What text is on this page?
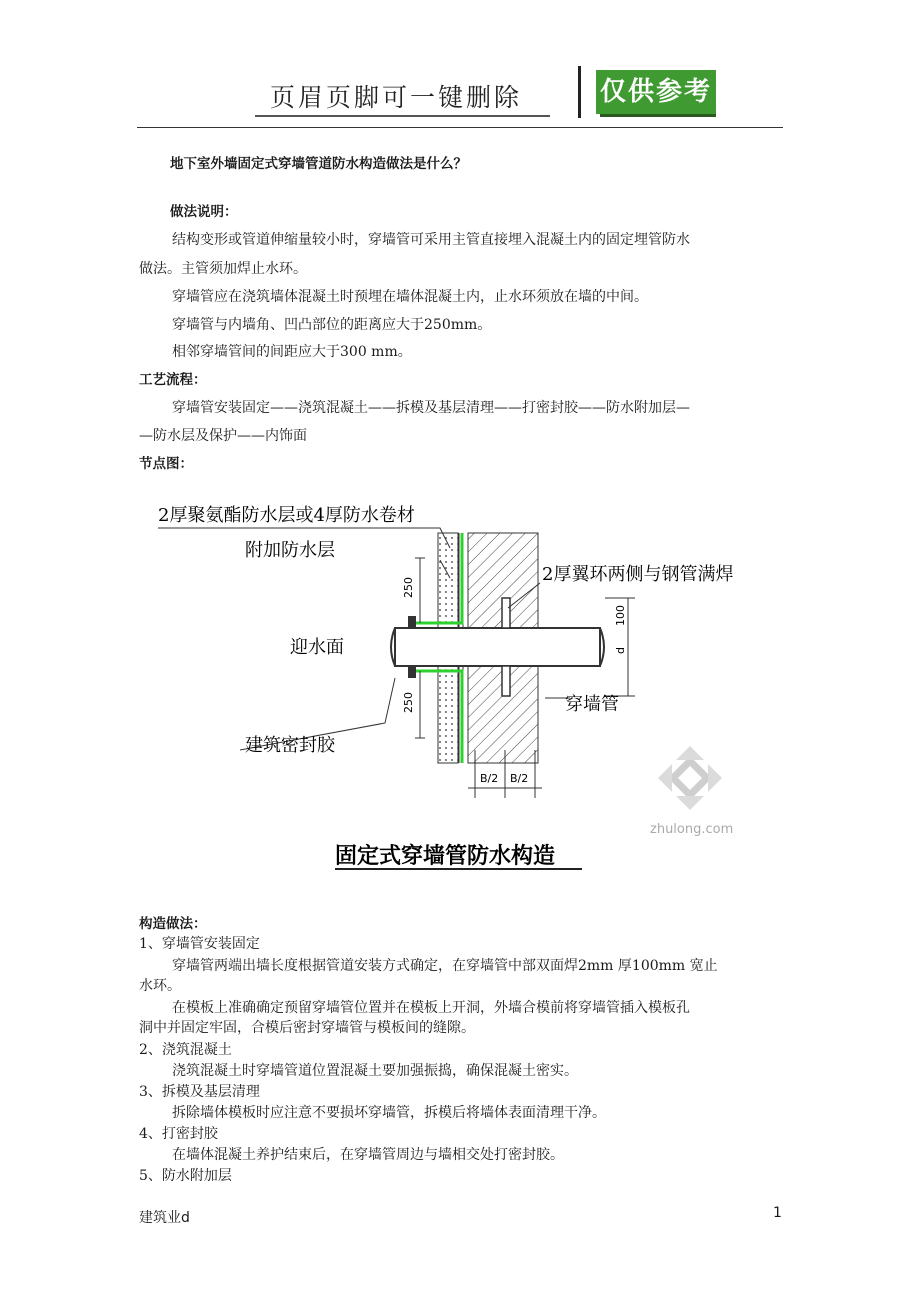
页眉页脚可一键删除	仅供参考
地下室外墙固定式穿墙管道防水构造做法是什么？
做法说明：
结构变形或管道伸缩量较小时，穿墙管可采用主管直接埋入混凝土内的固定埋管防水
做法。主管须加焊止水环。
穿墙管应在浇筑墙体混凝土时预埋在墙体混凝土内，止水环须放在墙的中间。
穿墙管与内墙角、凹凸部位的距离应大于250mm。
相邻穿墙管间的间距应大于300 mm。
工艺流程：
穿墙管安装固定——浇筑混凝土——拆模及基层清理——打密封胶——防水附加层—
—防水层及保护——内饰面
节点图：
250
250
100
d
B/2 B/2
2厚聚氨酯防水层或4厚防水卷材
附加防水层
2厚翼环两侧与钢管满焊
迎水面
穿墙管
建筑密封胶
zhulong.com
固定式穿墙管防水构造
构造做法：
1、穿墙管安装固定
穿墙管两端出墙长度根据管道安装方式确定，在穿墙管中部双面焊2mm 厚100mm 宽止
水环。
在模板上准确确定预留穿墙管位置并在模板上开洞，外墙合模前将穿墙管插入模板孔
洞中并固定牢固，合模后密封穿墙管与模板间的缝隙。
2、浇筑混凝土
浇筑混凝土时穿墙管道位置混凝土要加强振捣，确保混凝土密实。
3、拆模及基层清理
拆除墙体模板时应注意不要损坏穿墙管，拆模后将墙体表面清理干净。
4、打密封胶
在墙体混凝土养护结束后，在穿墙管周边与墙相交处打密封胶。
5、防水附加层
建筑业d	1
